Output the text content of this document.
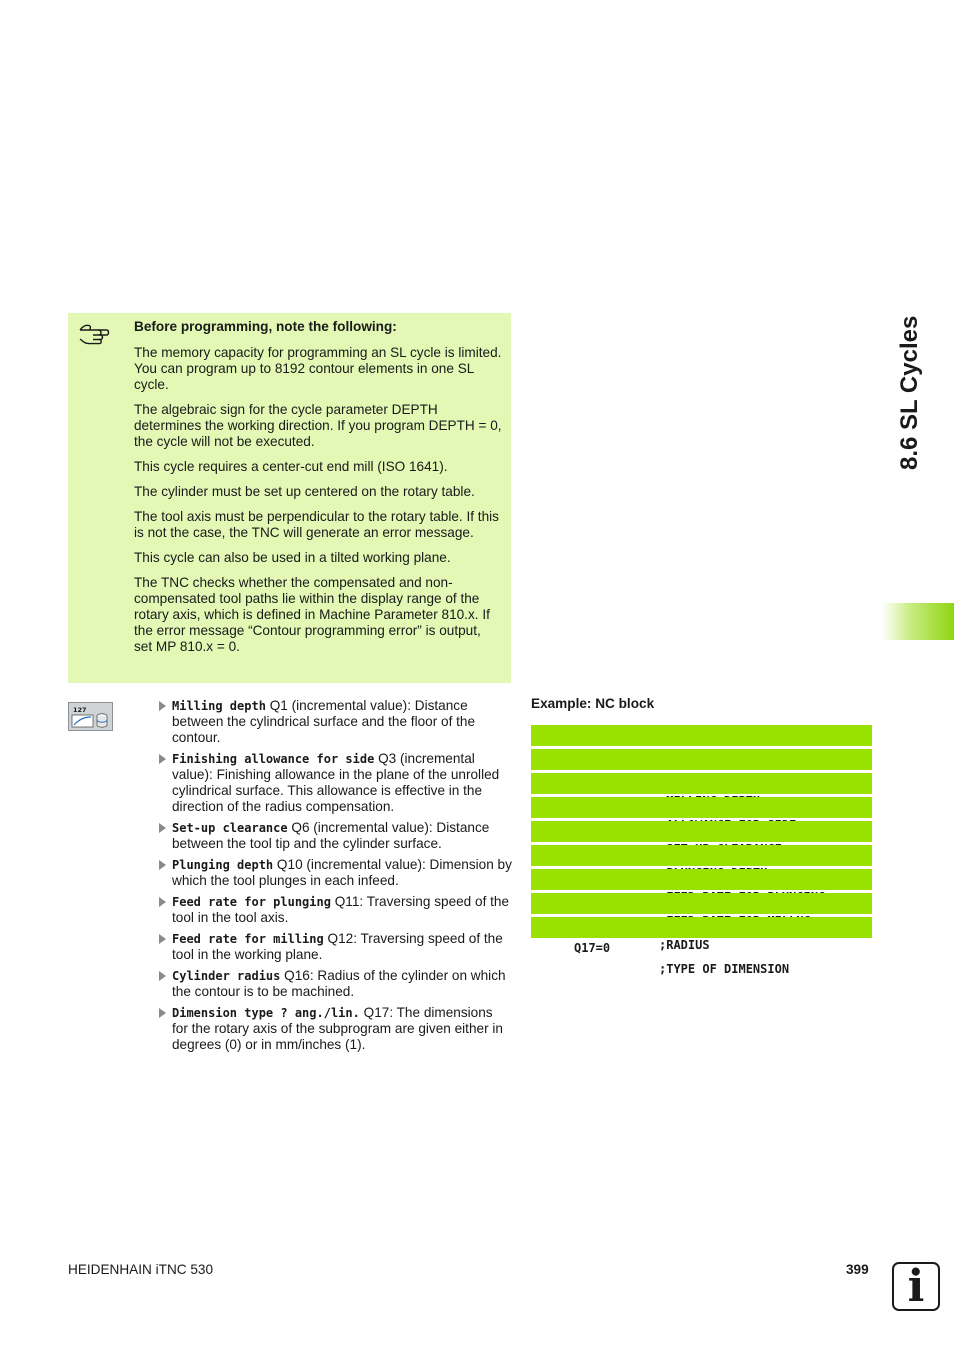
Before programming, note the following:

The memory capacity for programming an SL cycle is limited. You can program up to 8192 contour elements in one SL cycle.

The algebraic sign for the cycle parameter DEPTH determines the working direction. If you program DEPTH = 0, the cycle will not be executed.

This cycle requires a center-cut end mill (ISO 1641).

The cylinder must be set up centered on the rotary table.

The tool axis must be perpendicular to the rotary table. If this is not the case, the TNC will generate an error message.

This cycle can also be used in a tilted working plane.

The TNC checks whether the compensated and non-compensated tool paths lie within the display range of the rotary axis, which is defined in Machine Parameter 810.x. If the error message “Contour programming error” is output, set MP 810.x = 0.

127	Milling depth Q1 (incremental value): Distance between the cylindrical surface and the floor of the contour.
Finishing allowance for side Q3 (incremental value): Finishing allowance in the plane of the unrolled cylindrical surface. This allowance is effective in the direction of the radius compensation.
Set-up clearance Q6 (incremental value): Distance between the tool tip and the cylinder surface.
Plunging depth Q10 (incremental value): Dimension by which the tool plunges in each infeed.
Feed rate for plunging Q11: Traversing speed of the tool in the tool axis.
Feed rate for milling Q12: Traversing speed of the tool in the working plane.
Cylinder radius Q16: Radius of the cylinder on which the contour is to be machined.
Dimension type ? ang./lin. Q17: The dimensions for the rotary axis of the subprogram are given either in degrees (0) or in mm/inches (1).
Example: NC block

;RADIUS

Q17=0

;TYPE OF DIMENSION

8.6 SL Cycles
HEIDENHAIN iTNC 530	399 i
